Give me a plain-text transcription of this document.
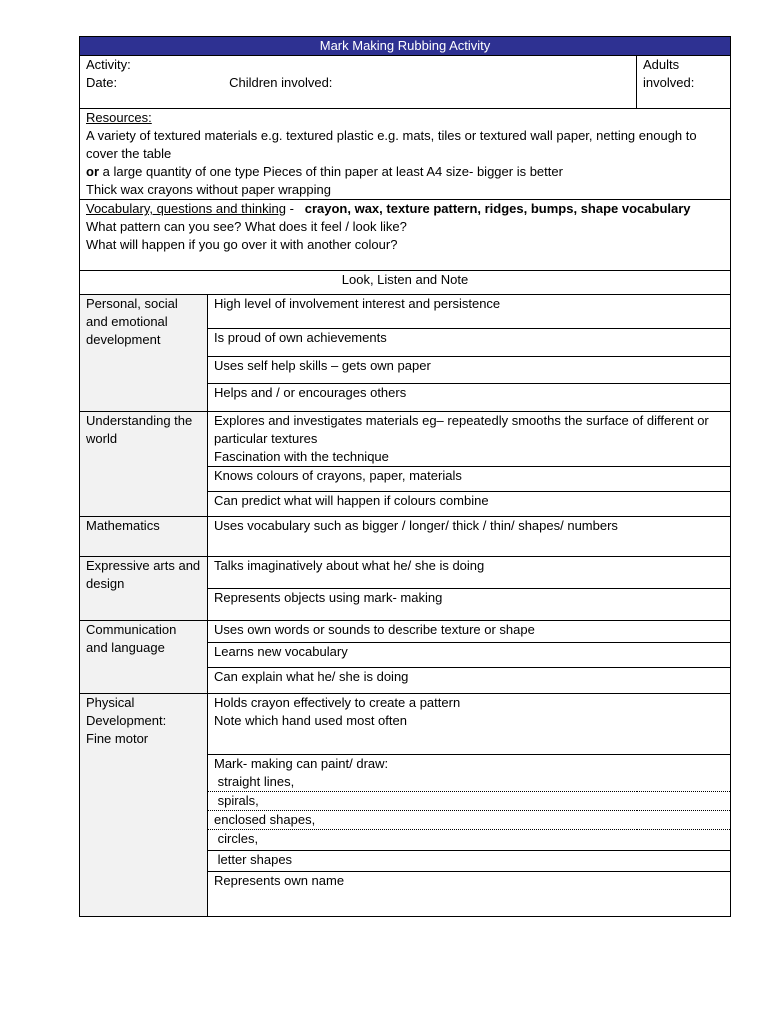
Mark Making Rubbing Activity		

Activity:
Date: Children involved:		Adults
involved:

Resources:
A variety of textured materials e.g. textured plastic e.g. mats, tiles or textured wall paper, netting enough to cover the table
or a large quantity of one type Pieces of thin paper at least A4 size- bigger is better
Thick wax crayons without paper wrapping		

Vocabulary, questions and thinking -   crayon, wax, texture pattern, ridges, bumps, shape vocabulary
What pattern can you see? What does it feel / look like?
What will happen if you go over it with another colour?		

Look, Listen and Note		
Personal, social and emotional development	High level of involvement interest and persistence	
	Is proud of own achievements	
	Uses self help skills – gets own paper	
	Helps and / or encourages others	
Understanding the world	Explores and investigates materials eg– repeatedly smooths the surface of different or particular textures
Fascination with the technique	

	Knows colours of crayons, paper, materials	
	Can predict what will happen if colours combine	
Mathematics	Uses vocabulary such as bigger / longer/ thick / thin/ shapes/ numbers	
Expressive arts and design	Talks imaginatively about what he/ she is doing	
	Represents objects using mark- making	
Communication and language	Uses own words or sounds to describe texture or shape	
	Learns new vocabulary	
	Can explain what he/ she is doing	

Physical
Development:
Fine motor	Holds crayon effectively to create a pattern
Note which hand used most often	

	Mark- making can paint/ draw:
straight lines,	

	spirals,	
	enclosed shapes,	
	circles,	
	letter shapes	
	Represents own name	
